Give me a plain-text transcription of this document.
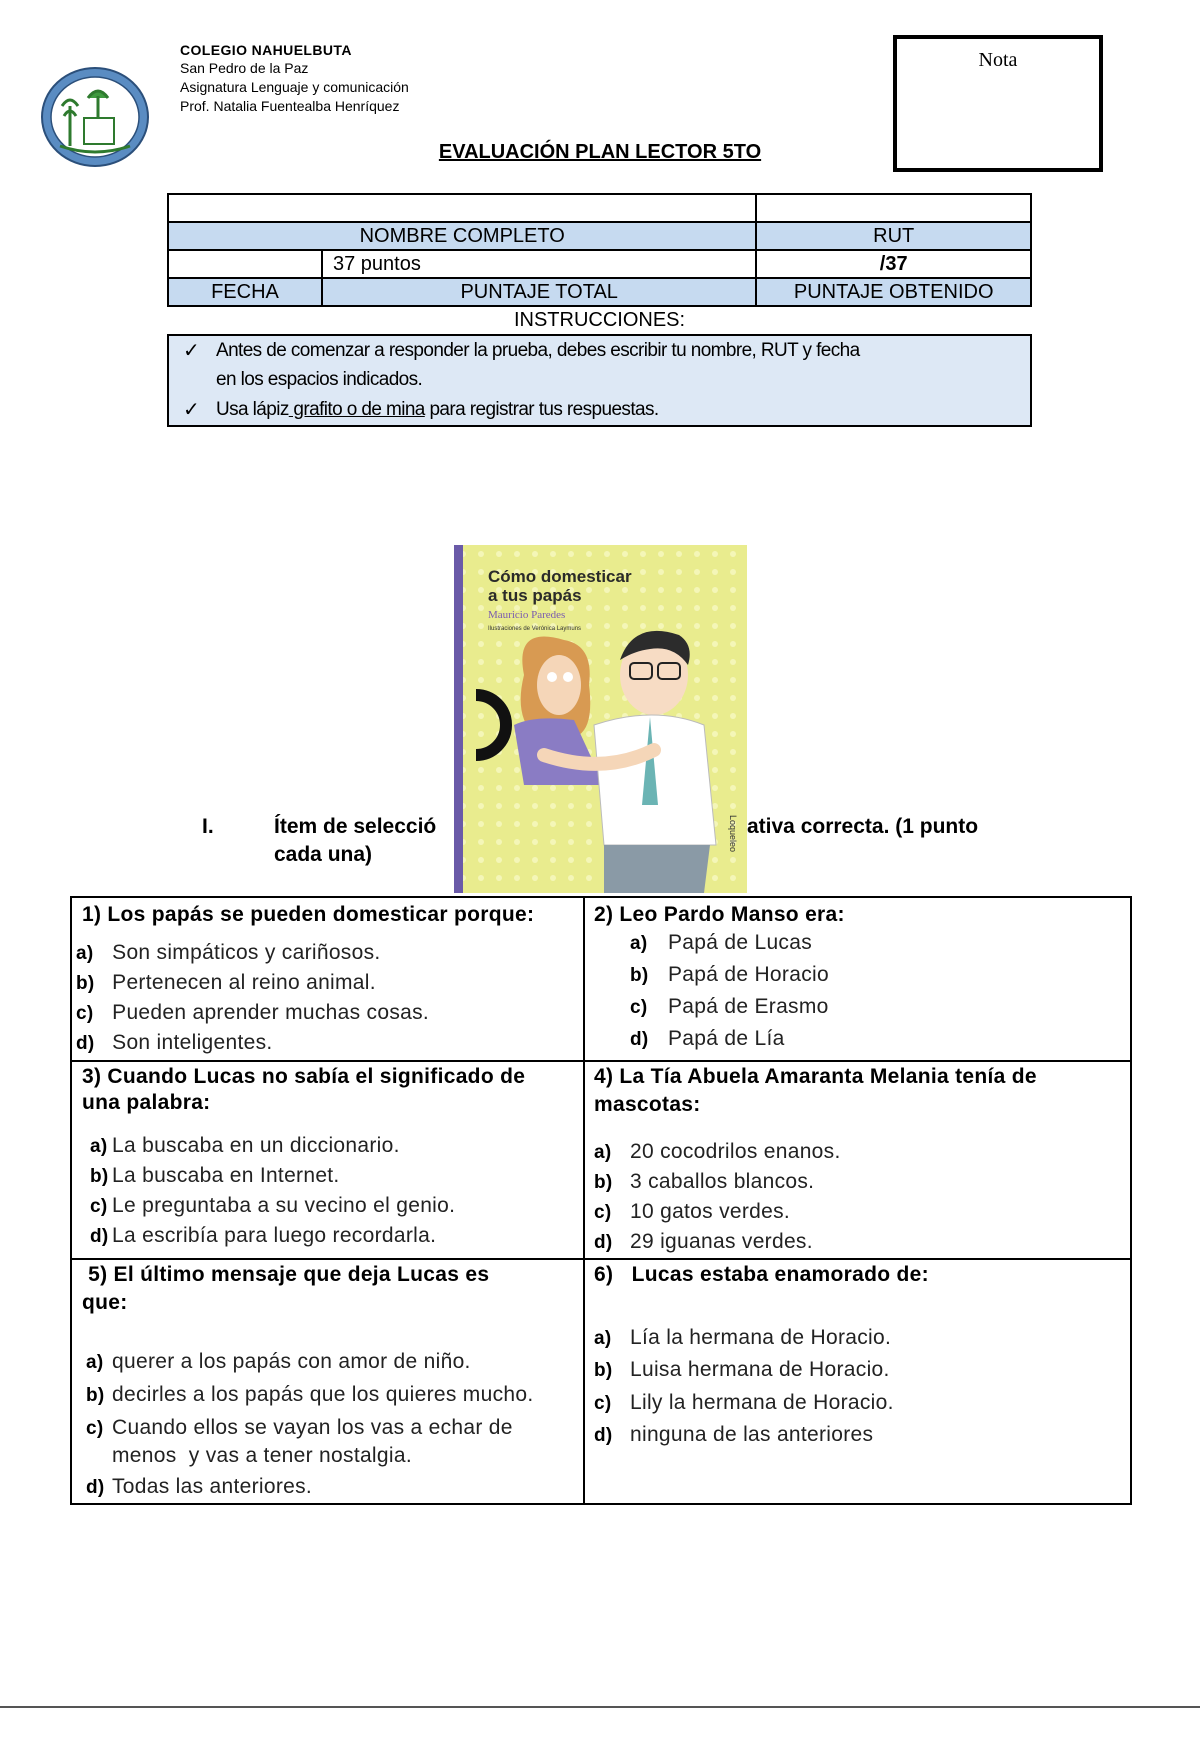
COLEGIO NAHUELBUTA
San Pedro de la Paz
Asignatura Lenguaje y comunicación
Prof. Natalia Fuentealba Henríquez
Nota
EVALUACIÓN PLAN LECTOR 5TO

NOMBRE COMPLETO		RUT
	37 puntos	/37
FECHA	PUNTAJE TOTAL	PUNTAJE OBTENIDO
INSTRUCCIONES:
✓ Antes de comenzar a responder la prueba, debes escribir tu nombre, RUT y fecha
en los espacios indicados.
✓ Usa lápiz grafito o de mina para registrar tus respuestas.
Cómo domesticar
a tus papás
Mauricio Paredes
Ilustraciones de Verónica Laymuns
Loqueleo
I.	Ítem de selecció	ativa correcta. (1 punto
cada una)
1) Los papás se pueden domesticar porque:
a) Son simpáticos y cariñosos.
b) Pertenecen al reino animal.
c) Pueden aprender muchas cosas.
d) Son inteligentes.
2) Leo Pardo Manso era:
a) Papá de Lucas
b) Papá de Horacio
c) Papá de Erasmo
d) Papá de Lía
3) Cuando Lucas no sabía el significado de
una palabra:
a) La buscaba en un diccionario.
b) La buscaba en Internet.
c) Le preguntaba a su vecino el genio.
d) La escribía para luego recordarla.
4) La Tía Abuela Amaranta Melania tenía de
mascotas:
a) 20 cocodrilos enanos.
b) 3 caballos blancos.
c) 10 gatos verdes.
d) 29 iguanas verdes.
5) El último mensaje que deja Lucas es
que:
a) querer a los papás con amor de niño.
b) decirles a los papás que los quieres mucho.
c) Cuando ellos se vayan los vas a echar de
menos  y vas a tener nostalgia.
d) Todas las anteriores.
6)   Lucas estaba enamorado de:
a) Lía la hermana de Horacio.
b) Luisa hermana de Horacio.
c) Lily la hermana de Horacio.
d) ninguna de las anteriores
